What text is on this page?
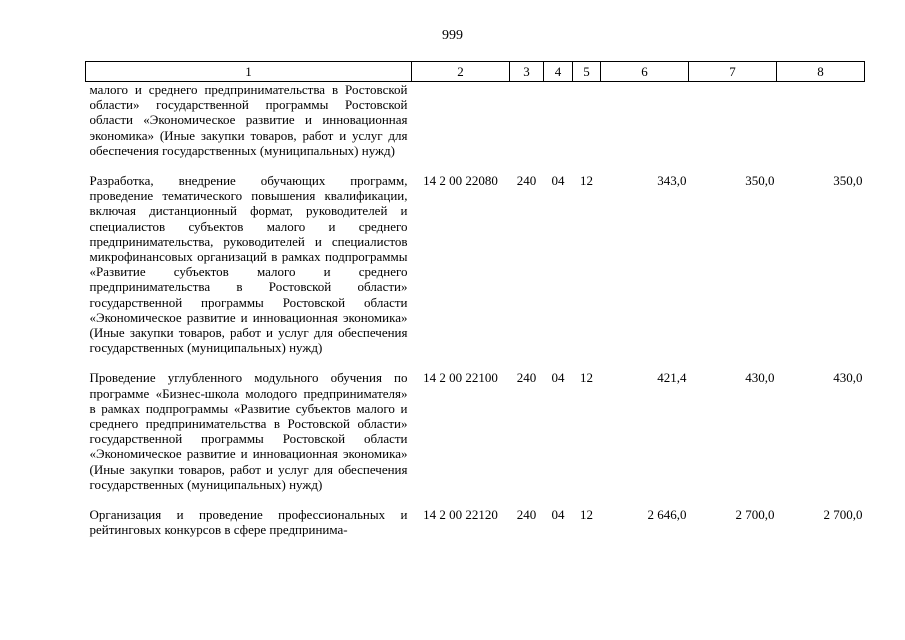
999
1	2	3	4	5	6	7	8
малого и среднего предпринимательства в Ростовской области» государственной программы Ростовской области «Экономическое развитие и инновационная экономика» (Иные закупки товаров, работ и услуг для обеспечения государственных (муниципальных) нужд)							
Разработка, внедрение обучающих программ, проведение тематического повышения квалификации, включая дистанционный формат, руководителей и специалистов субъектов малого и среднего предпринимательства, руководителей и специалистов микрофинансовых организаций в рамках подпрограммы «Развитие субъектов малого и среднего предпринимательства в Ростовской области» государственной программы Ростовской области «Экономическое развитие и инновационная экономика» (Иные закупки товаров, работ и услуг для обеспечения государственных (муниципальных) нужд)	14 2 00 22080	240	04	12	343,0	350,0	350,0
Проведение углубленного модульного обучения по программе «Бизнес-школа молодого предпринимателя» в рамках подпрограммы «Развитие субъектов малого и среднего предпринимательства в Ростовской области» государственной программы Ростовской области «Экономическое развитие и инновационная экономика» (Иные закупки товаров, работ и услуг для обеспечения государственных (муниципальных) нужд)	14 2 00 22100	240	04	12	421,4	430,0	430,0
Организация и проведение профессиональных и рейтинговых конкурсов в сфере предпринима-	14 2 00 22120	240	04	12	2 646,0	2 700,0	2 700,0
